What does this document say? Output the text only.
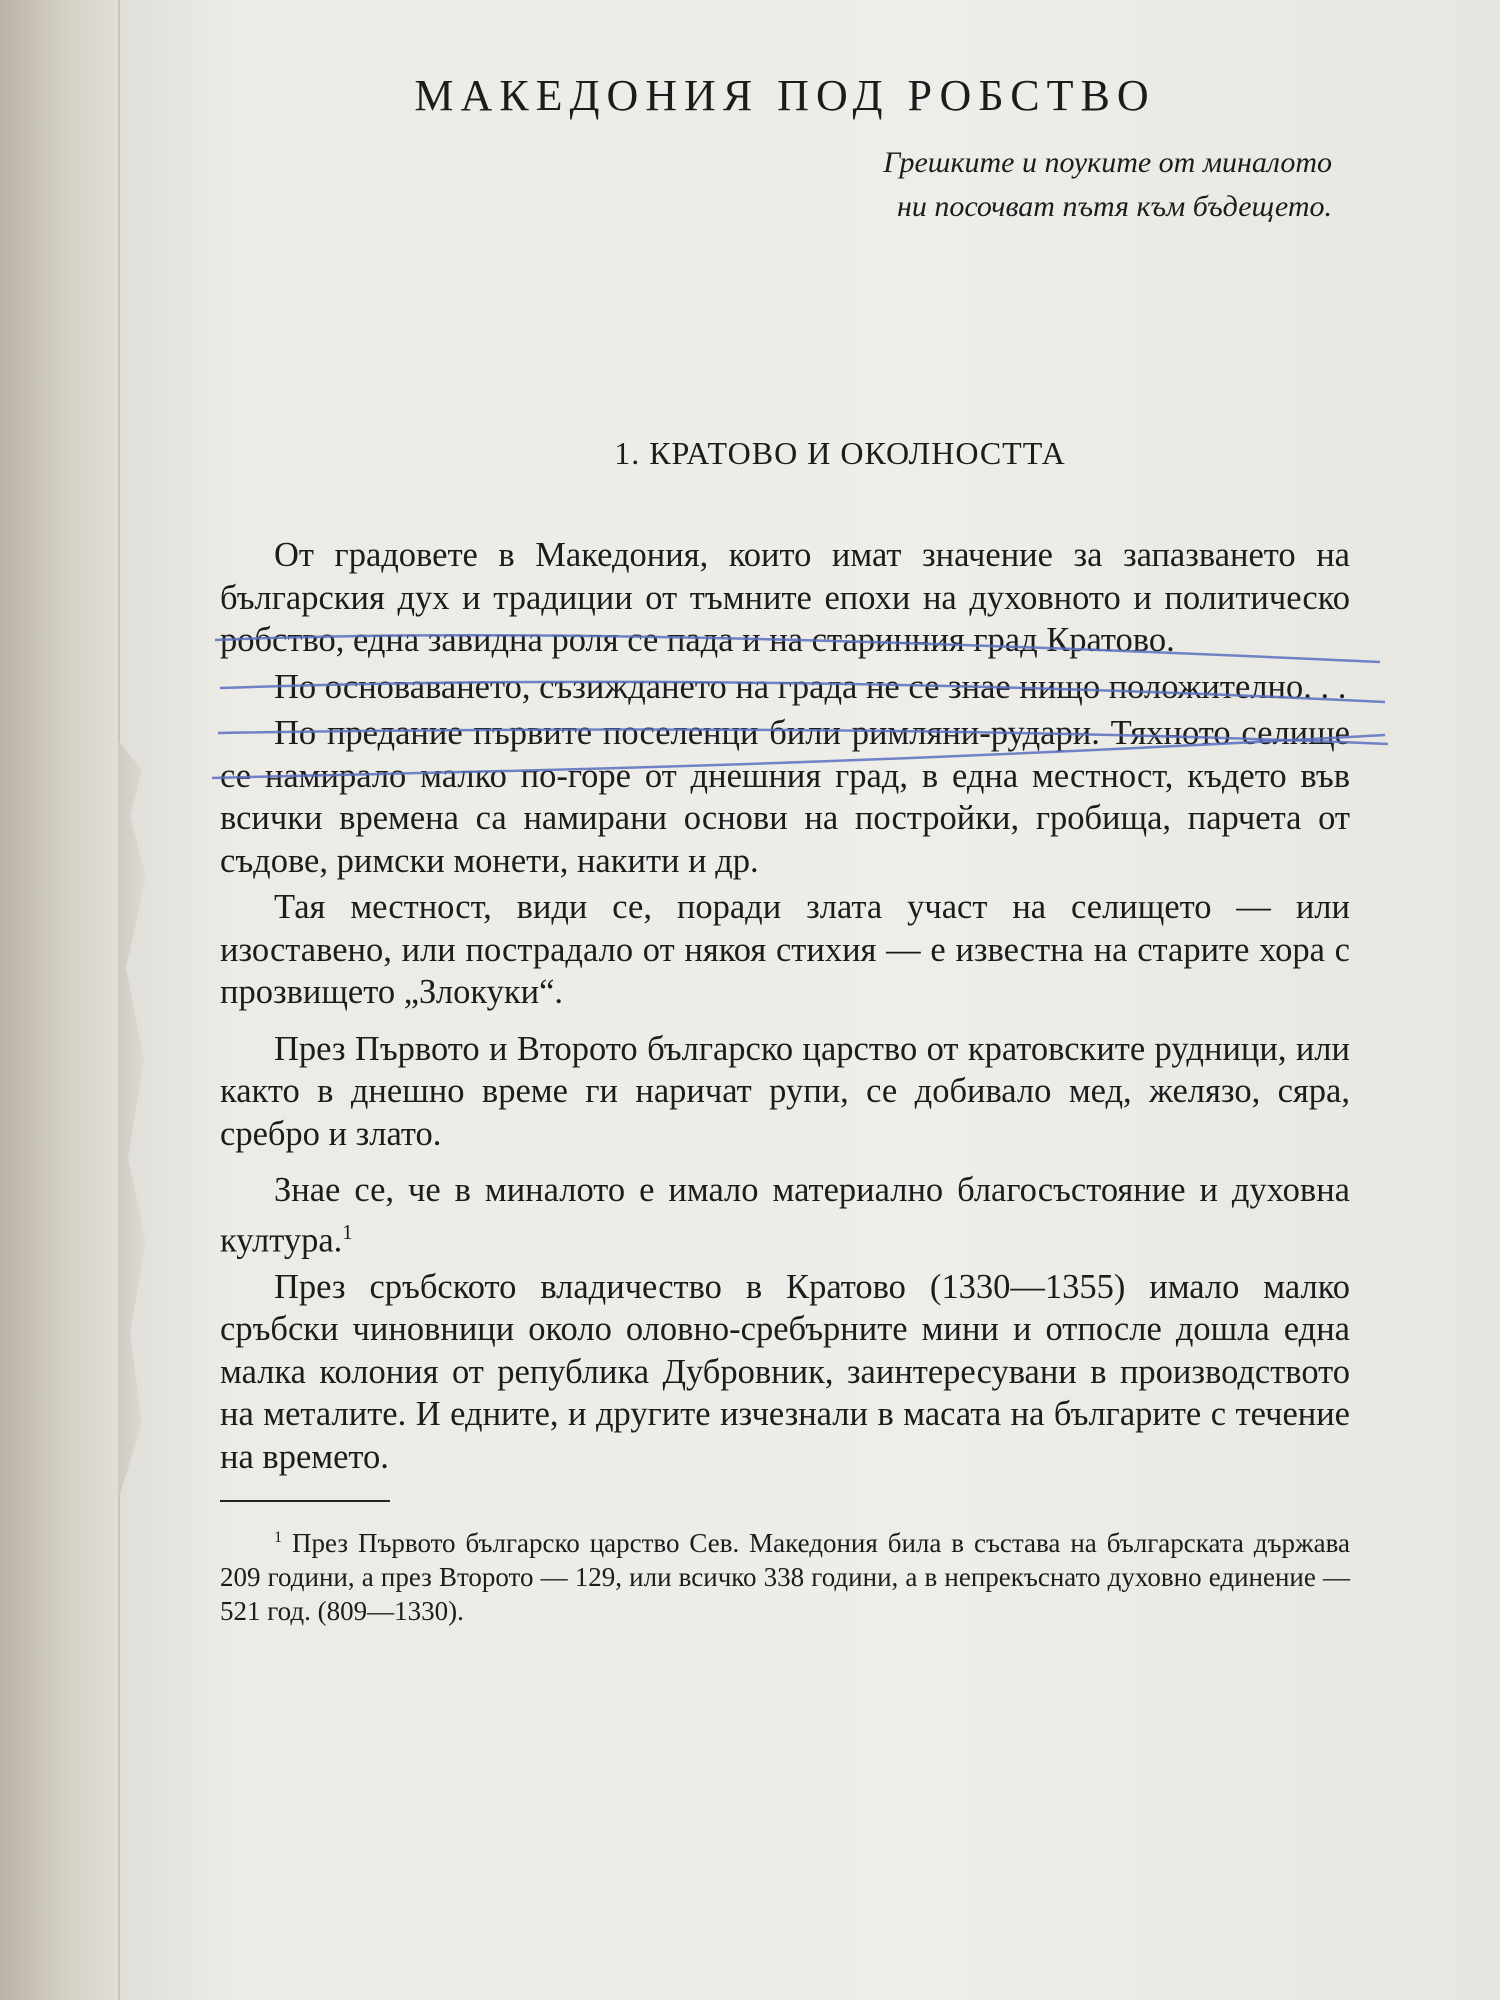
МАКЕДОНИЯ ПОД РОБСТВО
Грешките и поуките от миналото
ни посочват пътя към бъдещето.
1. КРАТОВО И ОКОЛНОСТТА

От градовете в Македония, които имат значение за запазването на българския дух и традиции от тъмните епохи на духовното и политическо робство, една завидна роля се пада и на старинния град Кратово.

По основаването, съзиждането на града не се знае нищо положително. . .

По предание първите поселенци били римляни-рудари. Тяхното селище се намирало малко по-горе от днешния град, в една местност, където във всички времена са намирани основи на постройки, гробища, парчета от съдове, римски монети, накити и др.

Тая местност, види се, поради злата участ на селището — или изоставено, или пострадало от някоя стихия — е известна на старите хора с прозвището „Злокуки“.

През Първото и Второто българско царство от кратовските рудници, или както в днешно време ги наричат рупи, се добивало мед, желязо, сяра, сребро и злато.

Знае се, че в миналото е имало материално благосъстояние и духовна култура.$^1$

През сръбското владичество в Кратово (1330—1355) имало малко сръбски чиновници около оловно-сребърните мини и отпосле дошла една малка колония от република Дубровник, заинтересувани в производството на металите. И едните, и другите изчезнали в масата на българите с течение на времето.

$^1$ През Първото българско царство Сев. Македония била в състава на българската държава 209 години, а през Второто — 129, или всичко 338 години, а в непрекъснато духовно единение — 521 год. (809—1330).
